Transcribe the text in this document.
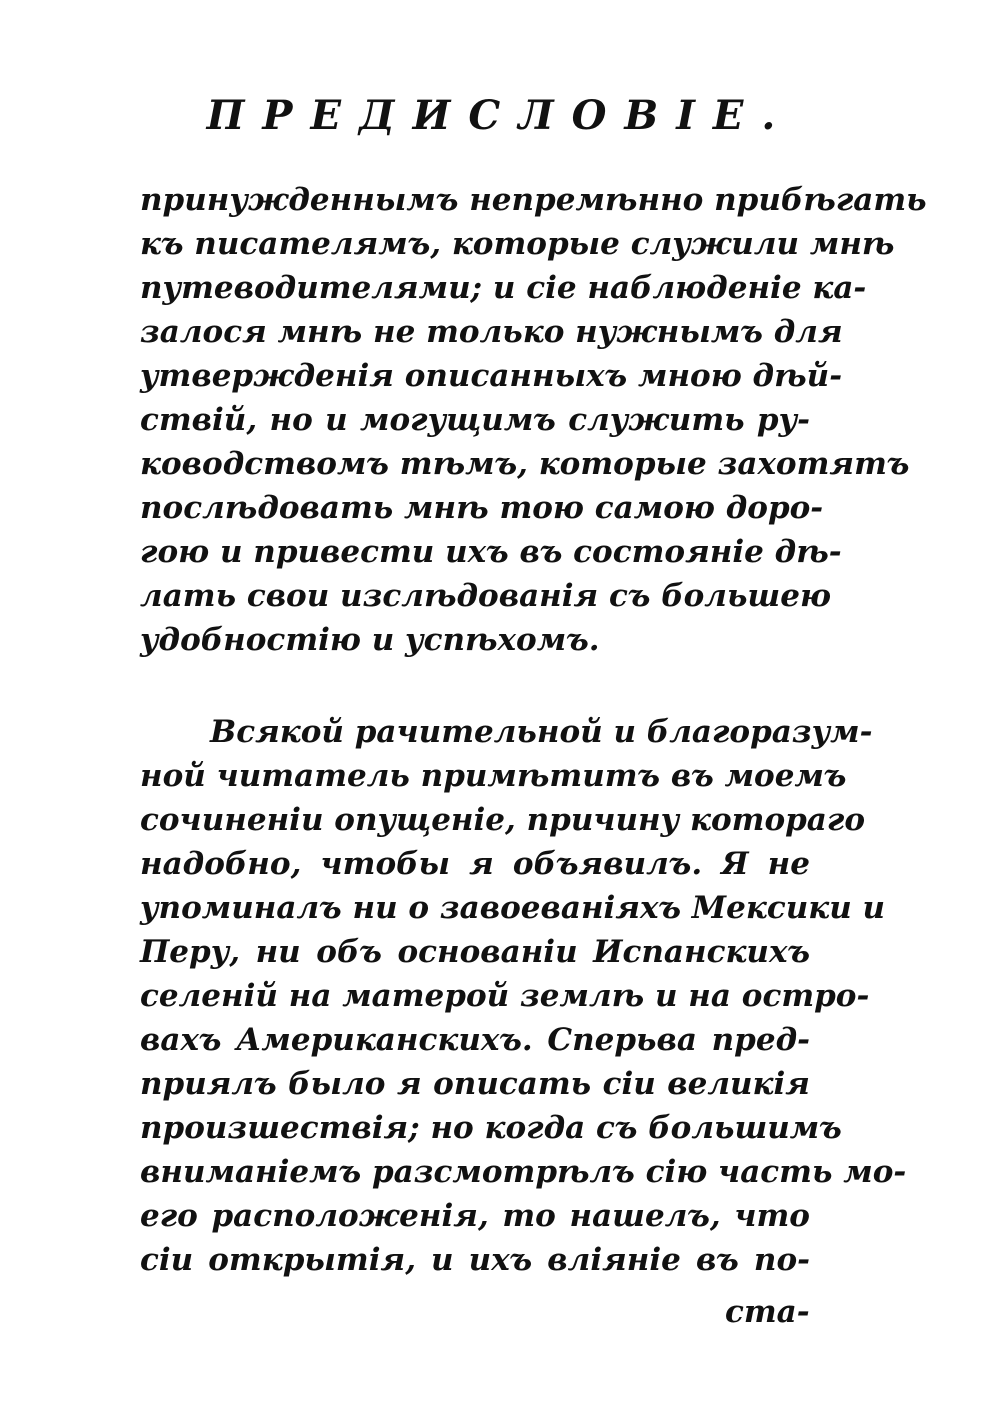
ПРЕДИСЛОВІЕ.
принужденнымъ непремѣнно прибѣгать
къ писателямъ, которые служили мнѣ
путеводителями; и сіе наблюденіе ка-
залося мнѣ не только нужнымъ для
утвержденія описанныхъ мною дѣй-
ствій, но и могущимъ служить ру-
ководствомъ тѣмъ, которые захотятъ
послѣдовать мнѣ тою самою доро-
гою и привести ихъ въ состояніе дѣ-
лать свои изслѣдованія съ большею
удобностію и успѣхомъ.
Всякой рачительной и благоразум-
ной читатель примѣтитъ въ моемъ
сочиненіи опущеніе, причину котораго
надобно, чтобы я объявилъ. Я не
упоминалъ ни о завоеваніяхъ Мексики и
Перу, ни объ основаніи Испанскихъ
селеній на матерой землѣ и на остро-
вахъ Американскихъ. Сперьва пред-
приялъ было я описать сіи великія
произшествія; но когда съ большимъ
вниманіемъ разсмотрѣлъ сію часть мо-
его расположенія, то нашелъ, что
сіи открытія, и ихъ вліяніе въ по-
ста-
